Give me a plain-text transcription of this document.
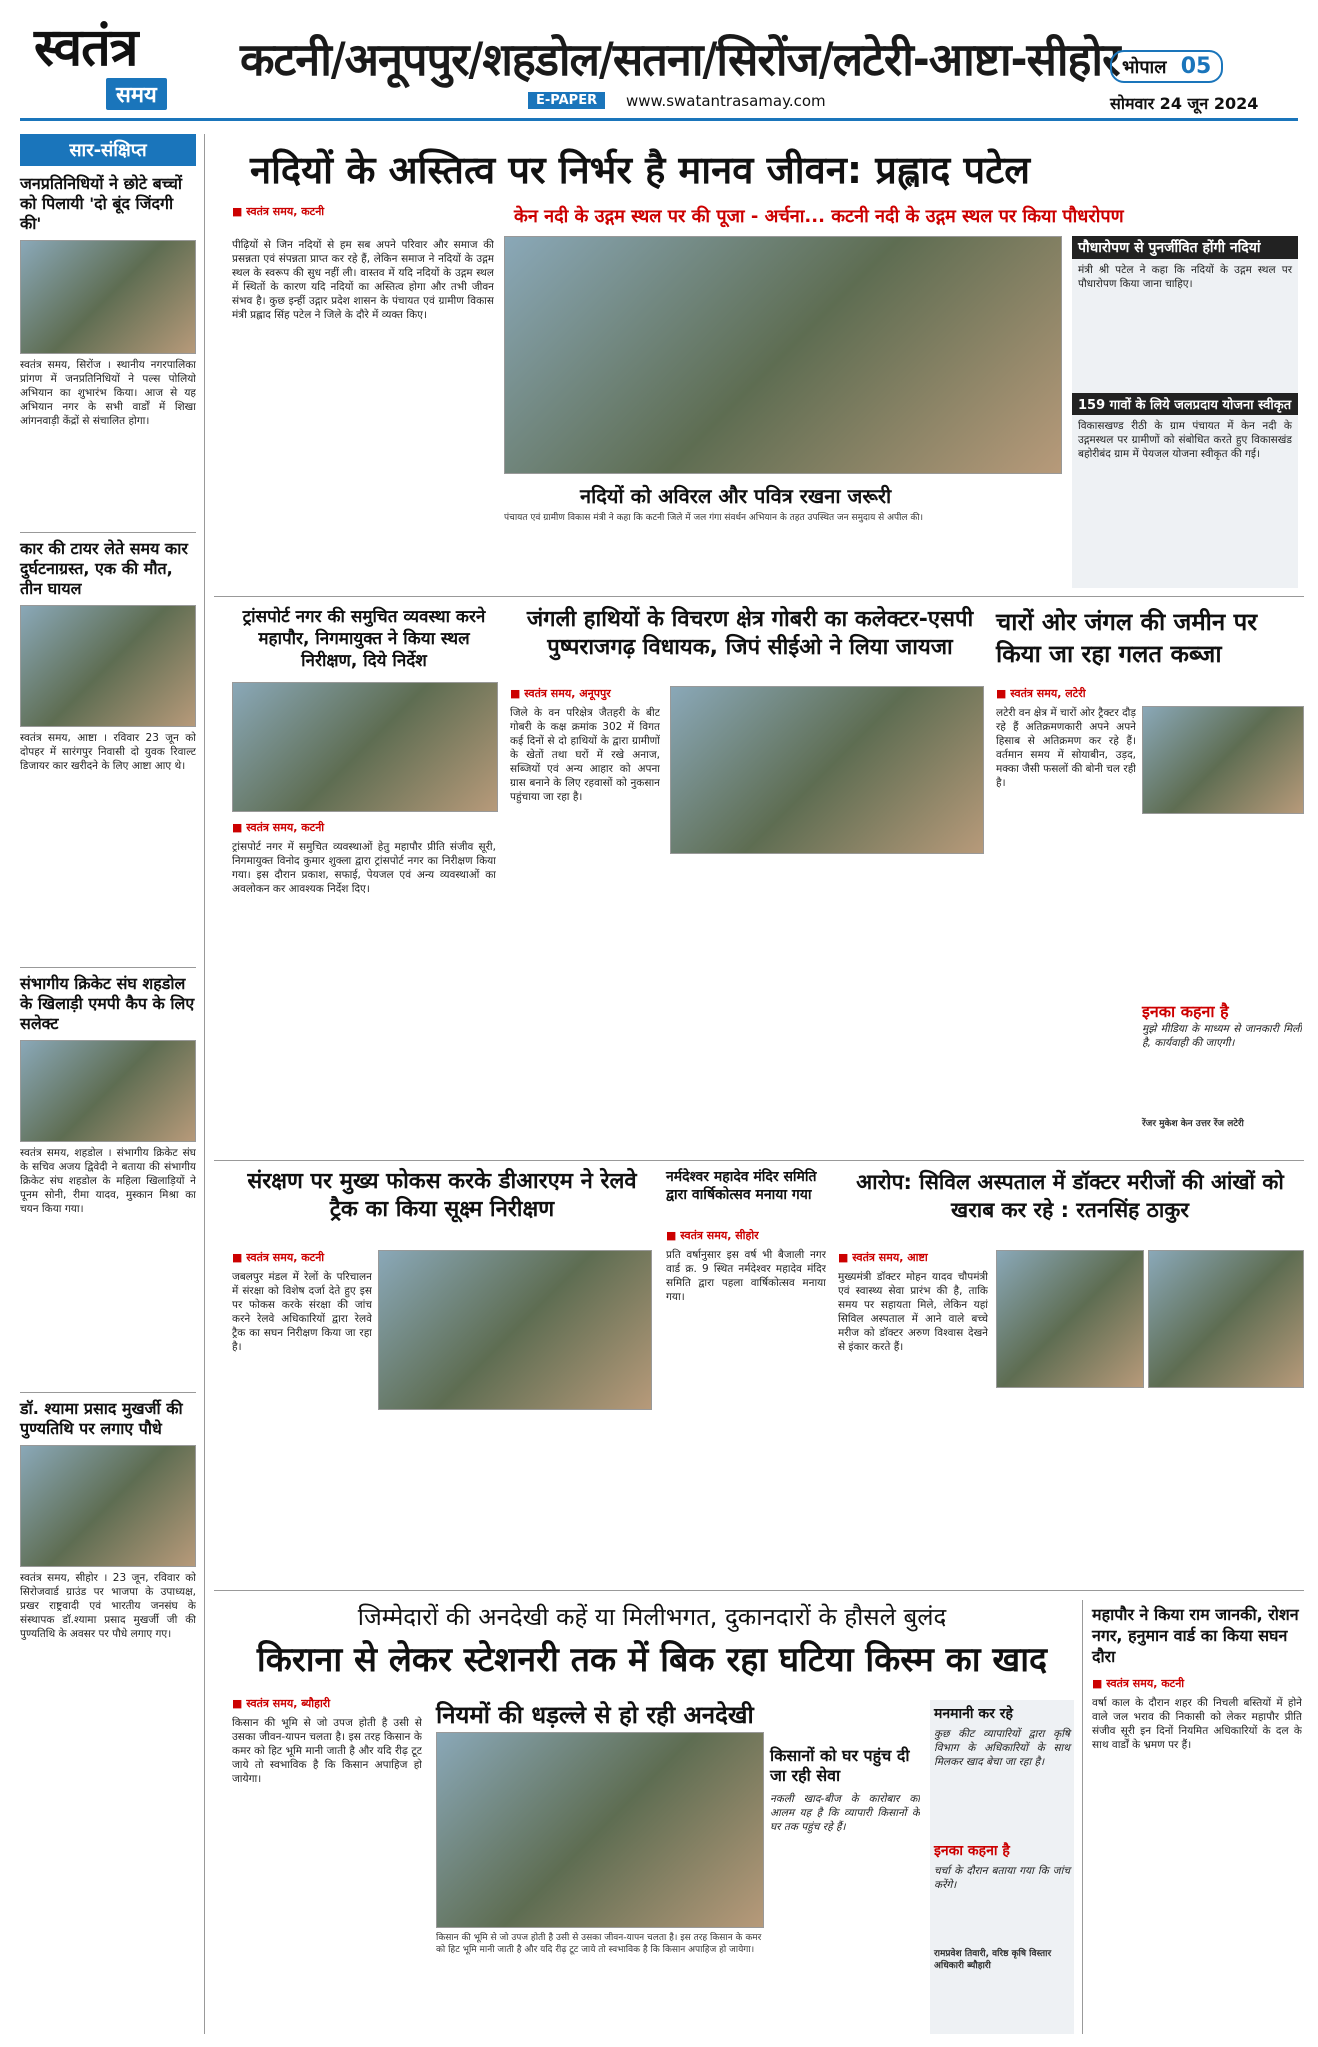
स्वतंत्र
समय
कटनी/अनूपपुर/शहडोल/सतना/सिरोंज/लटेरी-आष्टा-सीहोर
E-PAPER	www.swatantrasamay.com
भोपाल 05
सोमवार 24 जून 2024
सार-संक्षिप्त
जनप्रतिनिधियों ने छोटे बच्चों को पिलायी 'दो बूंद जिंदगी की'
स्वतंत्र समय, सिरोंज । स्थानीय नगरपालिका प्रांगण में जनप्रतिनिधियों ने पल्स पोलियो अभियान का शुभारंभ किया। आज से यह अभियान नगर के सभी वार्डों में शिखा आंगनवाड़ी केंद्रों से संचालित होगा।
कार की टायर लेते समय कार दुर्घटनाग्रस्त, एक की मौत, तीन घायल
स्वतंत्र समय, आष्टा । रविवार 23 जून को दोपहर में सारंगपुर निवासी दो युवक रिवाल्ट डिजायर कार खरीदने के लिए आष्टा आए थे।
संभागीय क्रिकेट संघ शहडोल के खिलाड़ी एमपी कैप के लिए सलेक्ट
स्वतंत्र समय, शहडोल । संभागीय क्रिकेट संघ के सचिव अजय द्विवेदी ने बताया की संभागीय क्रिकेट संघ शहडोल के महिला खिलाड़ियों ने पूनम सोनी, रीमा यादव, मुस्कान मिश्रा का चयन किया गया।
डॉ. श्यामा प्रसाद मुखर्जी की पुण्यतिथि पर लगाए पौधे
स्वतंत्र समय, सीहोर । 23 जून, रविवार को सिरोजवार्ड ग्राउंड पर भाजपा के उपाध्यक्ष, प्रखर राष्ट्रवादी एवं भारतीय जनसंघ के संस्थापक डॉ.श्यामा प्रसाद मुखर्जी जी की पुण्यतिथि के अवसर पर पौधे लगाए गए।
नदियों के अस्तित्व पर निर्भर है मानव जीवन: प्रह्लाद पटेल
■ स्वतंत्र समय, कटनी	केन नदी के उद्गम स्थल पर की पूजा - अर्चना... कटनी नदी के उद्गम स्थल पर किया पौधरोपण
पीढ़ियों से जिन नदियों से हम सब अपने परिवार और समाज की प्रसन्नता एवं संपन्नता प्राप्त कर रहे हैं, लेकिन समाज ने नदियों के उद्गम स्थल के स्वरूप की सुध नहीं ली। वास्तव में यदि नदियों के उद्गम स्थल में स्थितों के कारण यदि नदियों का अस्तित्व होगा और तभी जीवन संभव है। कुछ इन्हीं उद्गार प्रदेश शासन के पंचायत एवं ग्रामीण विकास मंत्री प्रह्लाद सिंह पटेल ने जिले के दौरे में व्यक्त किए।
नदियों को अविरल और पवित्र रखना जरूरी
पंचायत एवं ग्रामीण विकास मंत्री ने कहा कि कटनी जिले में जल गंगा संवर्धन अभियान के तहत उपस्थित जन समुदाय से अपील की।
पौधारोपण से पुनर्जीवित होंगी नदियां
मंत्री श्री पटेल ने कहा कि नदियों के उद्गम स्थल पर पौधारोपण किया जाना चाहिए।
159 गावों के लिये जलप्रदाय योजना स्वीकृत
विकासखण्ड रीठी के ग्राम पंचायत में केन नदी के उद्गमस्थल पर ग्रामीणों को संबोधित करते हुए विकासखंड बहोरीबंद ग्राम में पेयजल योजना स्वीकृत की गई।
ट्रांसपोर्ट नगर की समुचित व्यवस्था करने महापौर, निगमायुक्त ने किया स्थल निरीक्षण, दिये निर्देश
■ स्वतंत्र समय, कटनी
ट्रांसपोर्ट नगर में समुचित व्यवस्थाओं हेतु महापौर प्रीति संजीव सूरी, निगमायुक्त विनोद कुमार शुक्ला द्वारा ट्रांसपोर्ट नगर का निरीक्षण किया गया। इस दौरान प्रकाश, सफाई, पेयजल एवं अन्य व्यवस्थाओं का अवलोकन कर आवश्यक निर्देश दिए।
जंगली हाथियों के विचरण क्षेत्र गोबरी का कलेक्टर-एसपी पुष्पराजगढ़ विधायक, जिपं सीईओ ने लिया जायजा
■ स्वतंत्र समय, अनूपपुर
जिले के वन परिक्षेत्र जैतहरी के बीट गोबरी के कक्ष क्रमांक 302 में विगत कई दिनों से दो हाथियों के द्वारा ग्रामीणों के खेतों तथा घरों में रखे अनाज, सब्जियों एवं अन्य आहार को अपना ग्रास बनाने के लिए रहवासों को नुकसान पहुंचाया जा रहा है।
चारों ओर जंगल की जमीन पर किया जा रहा गलत कब्जा
■ स्वतंत्र समय, लटेरी
लटेरी वन क्षेत्र में चारों ओर ट्रैक्टर दौड़ रहे हैं अतिक्रमणकारी अपने अपने हिसाब से अतिक्रमण कर रहे हैं। वर्तमान समय में सोयाबीन, उड़द, मक्का जैसी फसलों की बोनी चल रही है।
इनका कहना है
मुझे मीडिया के माध्यम से जानकारी मिली है, कार्यवाही की जाएगी।
रेंजर मुकेश केन उत्तर रेंज लटेरी
संरक्षण पर मुख्य फोकस करके डीआरएम ने रेलवे ट्रैक का किया सूक्ष्म निरीक्षण
■ स्वतंत्र समय, कटनी
जबलपुर मंडल में रेलों के परिचालन में संरक्षा को विशेष दर्जा देते हुए इस पर फोकस करके संरक्षा की जांच करने रेलवे अधिकारियों द्वारा रेलवे ट्रैक का सघन निरीक्षण किया जा रहा है।
नर्मदेश्वर महादेव मंदिर समिति द्वारा वार्षिकोत्सव मनाया गया
■ स्वतंत्र समय, सीहोर
प्रति वर्षानुसार इस वर्ष भी बैजाली नगर वार्ड क्र. 9 स्थित नर्मदेश्वर महादेव मंदिर समिति द्वारा पहला वार्षिकोत्सव मनाया गया।
आरोप: सिविल अस्पताल में डॉक्टर मरीजों की आंखों को खराब कर रहे : रतनसिंह ठाकुर
■ स्वतंत्र समय, आष्टा
मुख्यमंत्री डॉक्टर मोहन यादव चौपमंत्री एवं स्वास्थ्य सेवा प्रारंभ की है, ताकि समय पर सहायता मिले, लेकिन यहां सिविल अस्पताल में आने वाले बच्चे मरीज को डॉक्टर अरुण विश्वास देखने से इंकार करते हैं।
जिम्मेदारों की अनदेखी कहें या मिलीभगत, दुकानदारों के हौसले बुलंद
किराना से लेकर स्टेशनरी तक में बिक रहा घटिया किस्म का खाद
■ स्वतंत्र समय, ब्यौहारी
किसान की भूमि से जो उपज होती है उसी से उसका जीवन-यापन चलता है। इस तरह किसान के कमर को हिट भूमि मानी जाती है और यदि रीढ़ टूट जाये तो स्वभाविक है कि किसान अपाहिज हो जायेगा।
नियमों की धड़ल्ले से हो रही अनदेखी
किसान की भूमि से जो उपज होती है उसी से उसका जीवन-यापन चलता है। इस तरह किसान के कमर को हिट भूमि मानी जाती है और यदि रीढ़ टूट जाये तो स्वभाविक है कि किसान अपाहिज हो जायेगा।
किसानों को घर पहुंच दी जा रही सेवा
नकली खाद-बीज के कारोबार का आलम यह है कि व्यापारी किसानों के घर तक पहुंच रहे हैं।
मनमानी कर रहे
कुछ कीट व्यापारियों द्वारा कृषि विभाग के अधिकारियों के साथ मिलकर खाद बेचा जा रहा है।
इनका कहना है
चर्चा के दौरान बताया गया कि जांच करेंगे।
रामप्रवेश तिवारी, वरिष्ठ कृषि विस्तार अधिकारी ब्यौहारी
महापौर ने किया राम जानकी, रोशन नगर, हनुमान वार्ड का किया सघन दौरा
■ स्वतंत्र समय, कटनी
वर्षा काल के दौरान शहर की निचली बस्तियों में होने वाले जल भराव की निकासी को लेकर महापौर प्रीति संजीव सूरी इन दिनों नियमित अधिकारियों के दल के साथ वार्डों के भ्रमण पर हैं।
